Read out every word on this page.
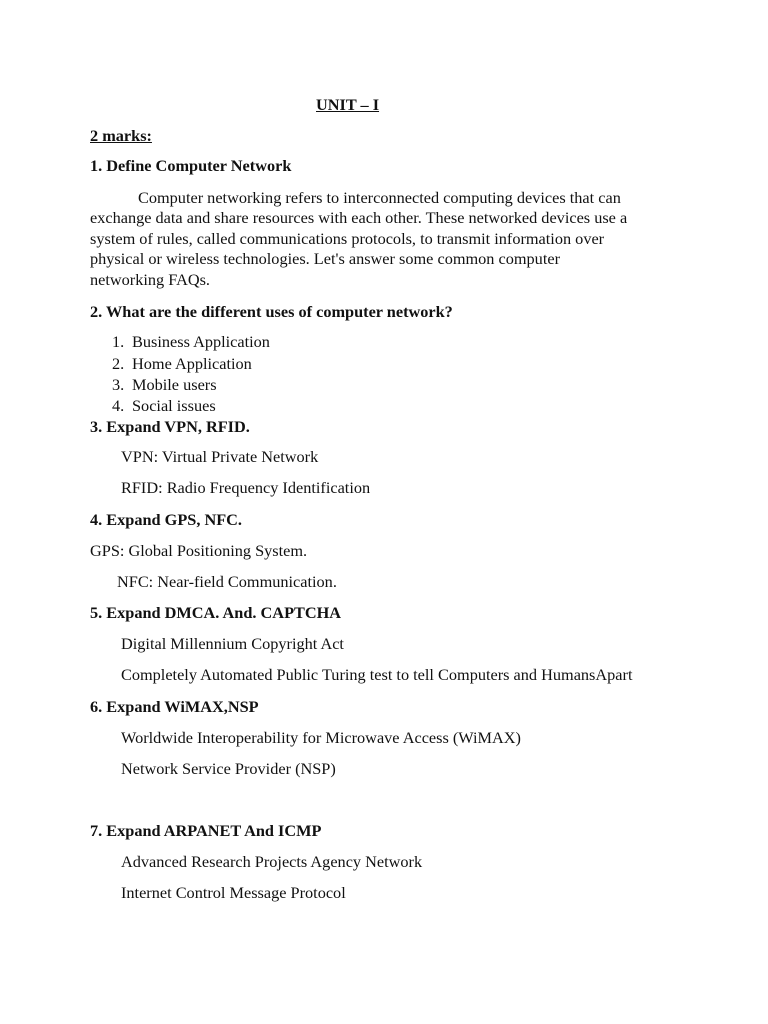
UNIT – I
2 marks:
1. Define Computer Network
Computer networking refers to interconnected computing devices that can
exchange data and share resources with each other. These networked devices use a
system of rules, called communications protocols, to transmit information over
physical or wireless technologies. Let's answer some common computer
networking FAQs.
2. What are the different uses of computer network?
1. Business Application
2. Home Application
3. Mobile users
4. Social issues
3. Expand VPN, RFID.
VPN: Virtual Private Network
RFID: Radio Frequency Identification
4. Expand GPS, NFC.
GPS: Global Positioning System.
NFC: Near-field Communication.
5. Expand DMCA. And. CAPTCHA
Digital Millennium Copyright Act
Completely Automated Public Turing test to tell Computers and HumansApart
6. Expand WiMAX,NSP
Worldwide Interoperability for Microwave Access (WiMAX)
Network Service Provider (NSP)
7. Expand ARPANET And ICMP
Advanced Research Projects Agency Network
Internet Control Message Protocol
